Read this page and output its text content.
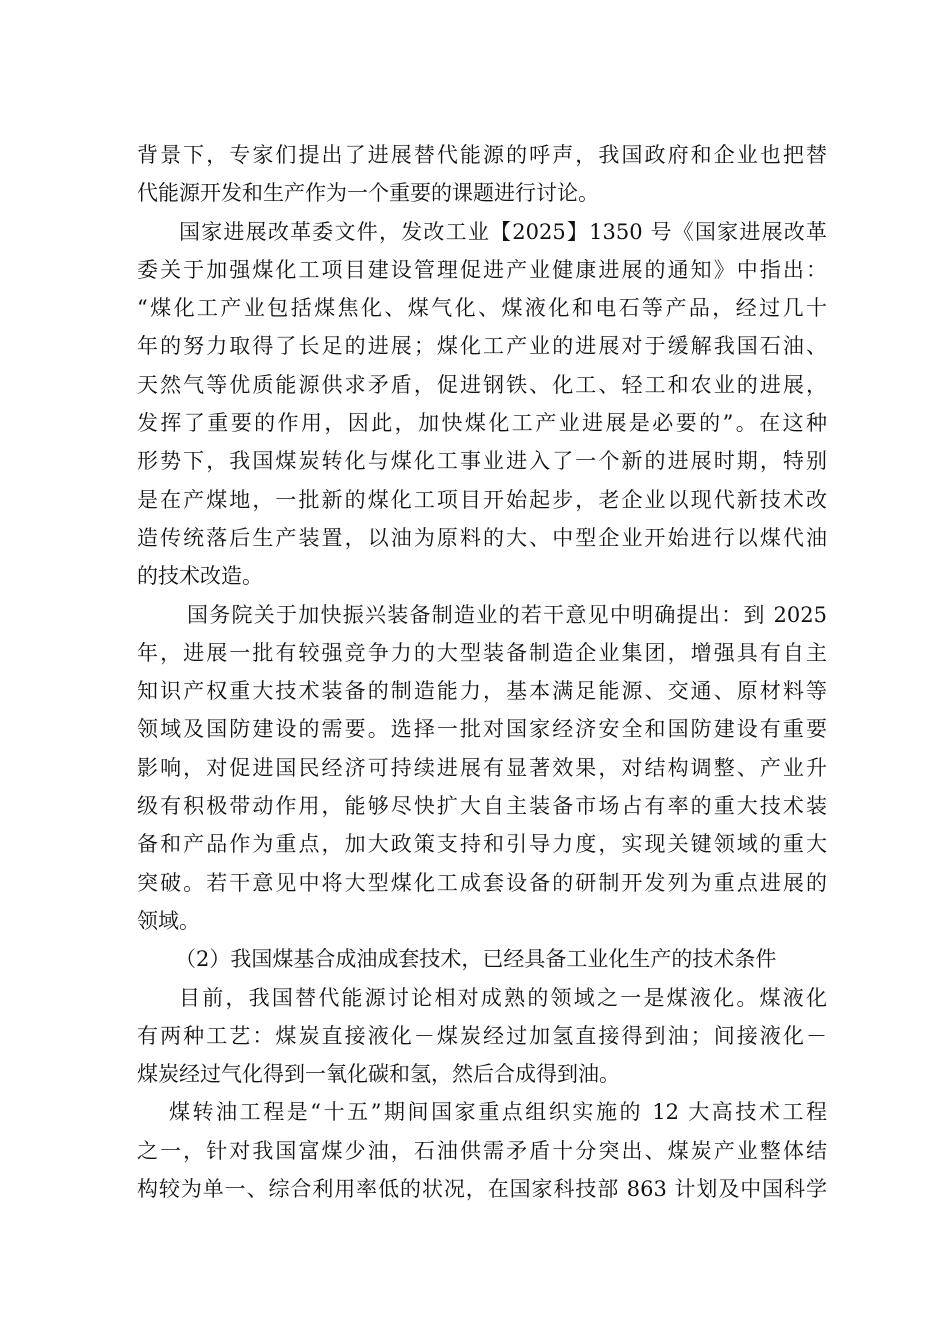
背景下，专家们提出了进展替代能源的呼声，我国政府和企业也把替
代能源开发和生产作为一个重要的课题进行讨论。
国家进展改革委文件，发改工业【2025】1350 号《国家进展改革
委关于加强煤化工项目建设管理促进产业健康进展的通知》中指出：
“煤化工产业包括煤焦化、煤气化、煤液化和电石等产品，经过几十
年的努力取得了长足的进展；煤化工产业的进展对于缓解我国石油、
天然气等优质能源供求矛盾，促进钢铁、化工、轻工和农业的进展，
发挥了重要的作用，因此，加快煤化工产业进展是必要的”。在这种
形势下，我国煤炭转化与煤化工事业进入了一个新的进展时期，特别
是在产煤地，一批新的煤化工项目开始起步，老企业以现代新技术改
造传统落后生产装置，以油为原料的大、中型企业开始进行以煤代油
的技术改造。
国务院关于加快振兴装备制造业的若干意见中明确提出：到 2025
年，进展一批有较强竞争力的大型装备制造企业集团，增强具有自主
知识产权重大技术装备的制造能力，基本满足能源、交通、原材料等
领域及国防建设的需要。选择一批对国家经济安全和国防建设有重要
影响，对促进国民经济可持续进展有显著效果，对结构调整、产业升
级有积极带动作用，能够尽快扩大自主装备市场占有率的重大技术装
备和产品作为重点，加大政策支持和引导力度，实现关键领域的重大
突破。若干意见中将大型煤化工成套设备的研制开发列为重点进展的
领域。
（2）我国煤基合成油成套技术，已经具备工业化生产的技术条件
目前，我国替代能源讨论相对成熟的领域之一是煤液化。煤液化
有两种工艺：煤炭直接液化－煤炭经过加氢直接得到油；间接液化－
煤炭经过气化得到一氧化碳和氢，然后合成得到油。
煤转油工程是“十五”期间国家重点组织实施的 12 大高技术工程
之一，针对我国富煤少油，石油供需矛盾十分突出、煤炭产业整体结
构较为单一、综合利用率低的状况，在国家科技部 863 计划及中国科学
